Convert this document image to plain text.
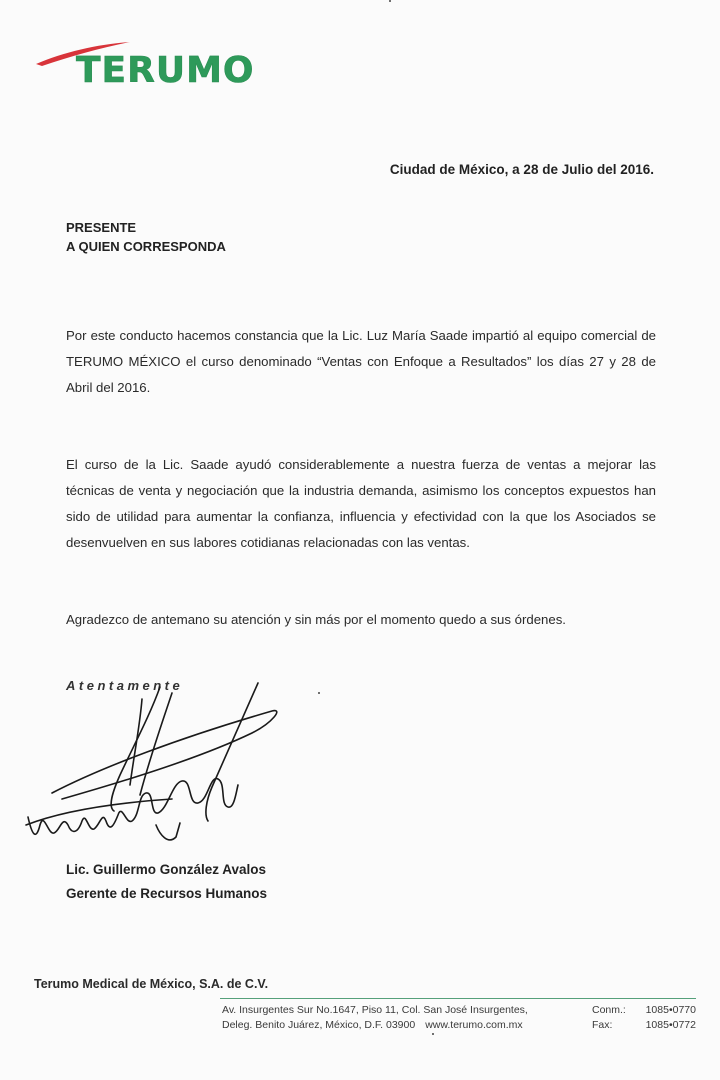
TERUMO
Ciudad de México, a 28 de Julio del 2016.
PRESENTE
A QUIEN CORRESPONDA
Por este conducto hacemos constancia que la Lic. Luz María Saade impartió al equipo comercial de TERUMO MÉXICO el curso denominado “Ventas con Enfoque a Resultados” los días 27 y 28 de Abril del 2016.
El curso de la Lic. Saade ayudó considerablemente a nuestra fuerza de ventas a mejorar las técnicas de venta y negociación que la industria demanda, asimismo los conceptos expuestos han sido de utilidad para aumentar la confianza, influencia y efectividad con la que los Asociados se desenvuelven en sus labores cotidianas relacionadas con las ventas.
Agradezco de antemano su atención y sin más por el momento quedo a sus órdenes.
Atentamente
Lic. Guillermo González Avalos
Gerente de Recursos Humanos
Terumo Medical de México, S.A. de C.V.
Av. Insurgentes Sur No.1647, Piso 11, Col. San José Insurgentes,
Deleg. Benito Juárez, México, D.F. 03900 www.terumo.com.mx
Conm.: 1085•0770
Fax:	1085•0772
